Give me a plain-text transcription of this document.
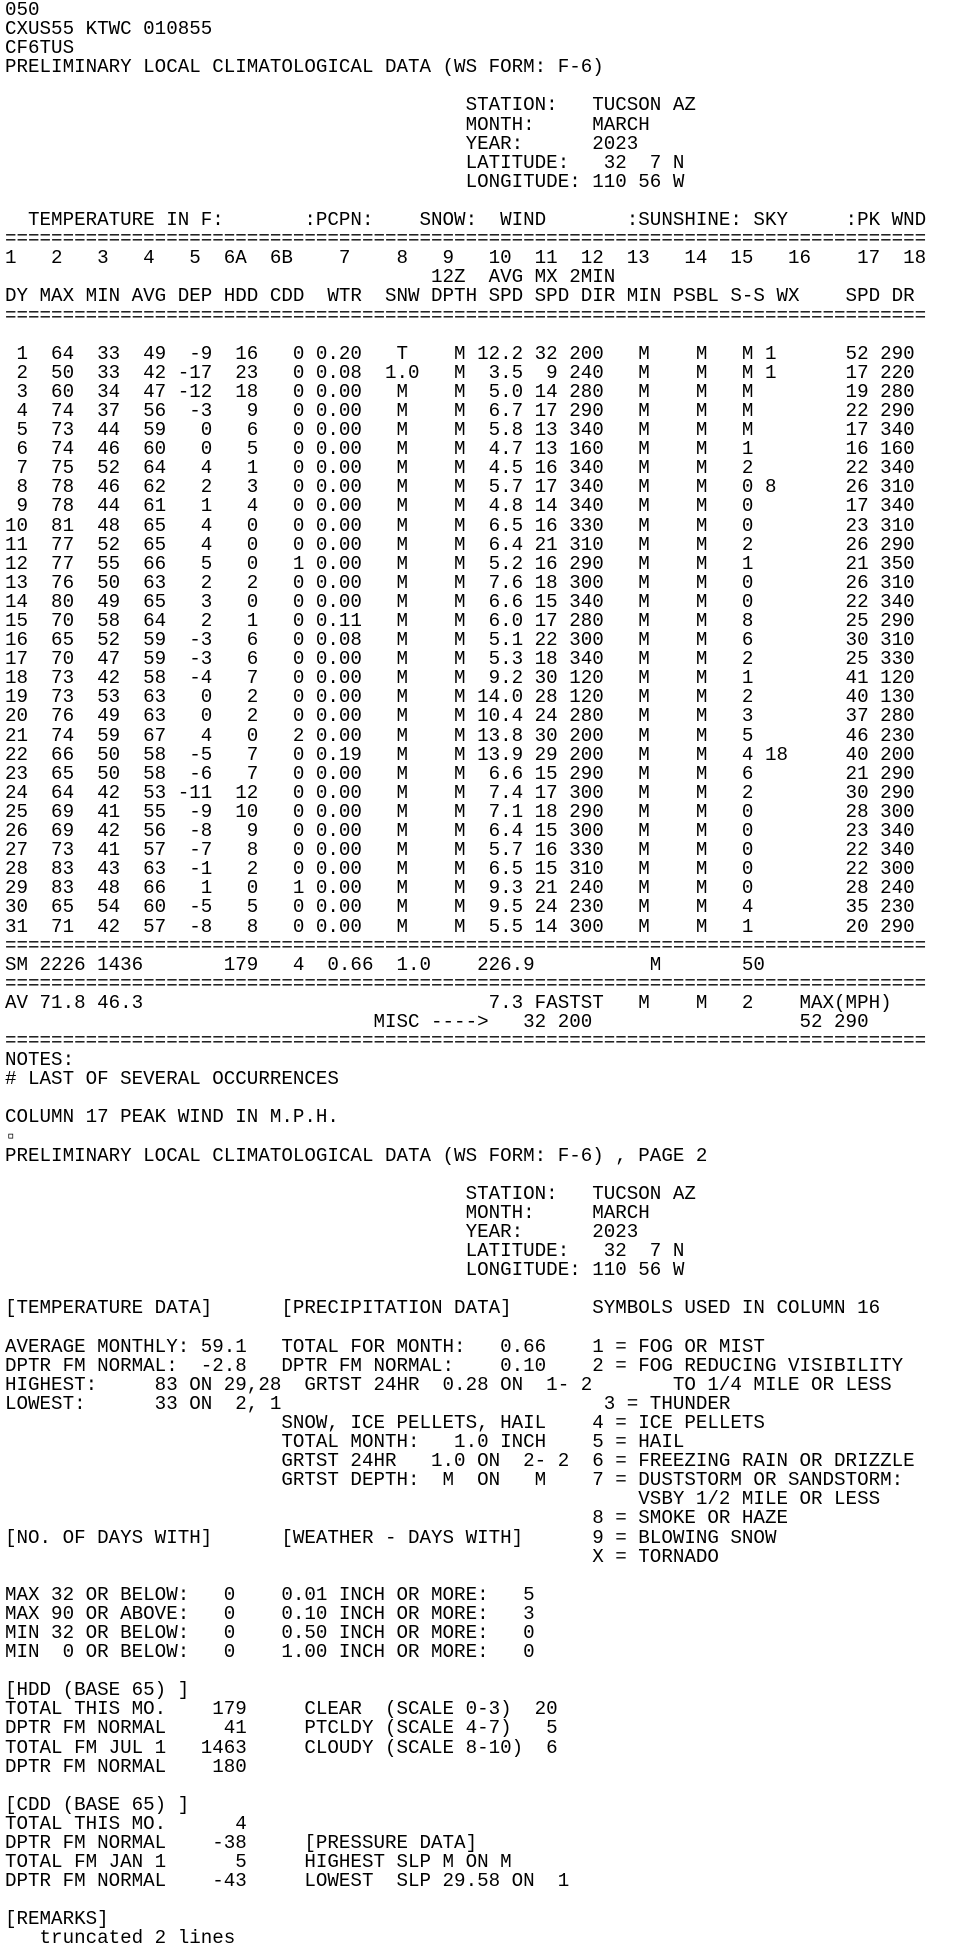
050
CXUS55 KTWC 010855
CF6TUS
PRELIMINARY LOCAL CLIMATOLOGICAL DATA (WS FORM: F-6)
STATION:   TUCSON AZ
MONTH:     MARCH
YEAR:      2023
LATITUDE:   32  7 N
LONGITUDE: 110 56 W
TEMPERATURE IN F:       :PCPN:    SNOW:  WIND       :SUNSHINE: SKY     :PK WND
================================================================================
1   2   3   4   5  6A  6B    7    8   9   10  11  12  13   14  15   16    17  18
12Z  AVG MX 2MIN
DY MAX MIN AVG DEP HDD CDD  WTR  SNW DPTH SPD SPD DIR MIN PSBL S-S WX    SPD DR
================================================================================
1  64  33  49  -9  16   0 0.20   T    M 12.2 32 200   M    M   M 1      52 290
2  50  33  42 -17  23   0 0.08  1.0   M  3.5  9 240   M    M   M 1      17 220
3  60  34  47 -12  18   0 0.00   M    M  5.0 14 280   M    M   M        19 280
4  74  37  56  -3   9   0 0.00   M    M  6.7 17 290   M    M   M        22 290
5  73  44  59   0   6   0 0.00   M    M  5.8 13 340   M    M   M        17 340
6  74  46  60   0   5   0 0.00   M    M  4.7 13 160   M    M   1        16 160
7  75  52  64   4   1   0 0.00   M    M  4.5 16 340   M    M   2        22 340
8  78  46  62   2   3   0 0.00   M    M  5.7 17 340   M    M   0 8      26 310
9  78  44  61   1   4   0 0.00   M    M  4.8 14 340   M    M   0        17 340
10  81  48  65   4   0   0 0.00   M    M  6.5 16 330   M    M   0        23 310
11  77  52  65   4   0   0 0.00   M    M  6.4 21 310   M    M   2        26 290
12  77  55  66   5   0   1 0.00   M    M  5.2 16 290   M    M   1        21 350
13  76  50  63   2   2   0 0.00   M    M  7.6 18 300   M    M   0        26 310
14  80  49  65   3   0   0 0.00   M    M  6.6 15 340   M    M   0        22 340
15  70  58  64   2   1   0 0.11   M    M  6.0 17 280   M    M   8        25 290
16  65  52  59  -3   6   0 0.08   M    M  5.1 22 300   M    M   6        30 310
17  70  47  59  -3   6   0 0.00   M    M  5.3 18 340   M    M   2        25 330
18  73  42  58  -4   7   0 0.00   M    M  9.2 30 120   M    M   1        41 120
19  73  53  63   0   2   0 0.00   M    M 14.0 28 120   M    M   2        40 130
20  76  49  63   0   2   0 0.00   M    M 10.4 24 280   M    M   3        37 280
21  74  59  67   4   0   2 0.00   M    M 13.8 30 200   M    M   5        46 230
22  66  50  58  -5   7   0 0.19   M    M 13.9 29 200   M    M   4 18     40 200
23  65  50  58  -6   7   0 0.00   M    M  6.6 15 290   M    M   6        21 290
24  64  42  53 -11  12   0 0.00   M    M  7.4 17 300   M    M   2        30 290
25  69  41  55  -9  10   0 0.00   M    M  7.1 18 290   M    M   0        28 300
26  69  42  56  -8   9   0 0.00   M    M  6.4 15 300   M    M   0        23 340
27  73  41  57  -7   8   0 0.00   M    M  5.7 16 330   M    M   0        22 340
28  83  43  63  -1   2   0 0.00   M    M  6.5 15 310   M    M   0        22 300
29  83  48  66   1   0   1 0.00   M    M  9.3 21 240   M    M   0        28 240
30  65  54  60  -5   5   0 0.00   M    M  9.5 24 230   M    M   4        35 230
31  71  42  57  -8   8   0 0.00   M    M  5.5 14 300   M    M   1        20 290
================================================================================
SM 2226 1436       179   4  0.66  1.0    226.9          M       50
================================================================================
AV 71.8 46.3                              7.3 FASTST   M    M   2    MAX(MPH)
MISC ---->   32 200                  52 290
================================================================================
NOTES:
# LAST OF SEVERAL OCCURRENCES
COLUMN 17 PEAK WIND IN M.P.H.
▫
PRELIMINARY LOCAL CLIMATOLOGICAL DATA (WS FORM: F-6) , PAGE 2
STATION:   TUCSON AZ
MONTH:     MARCH
YEAR:      2023
LATITUDE:   32  7 N
LONGITUDE: 110 56 W
[TEMPERATURE DATA]      [PRECIPITATION DATA]       SYMBOLS USED IN COLUMN 16
AVERAGE MONTHLY: 59.1   TOTAL FOR MONTH:   0.66    1 = FOG OR MIST
DPTR FM NORMAL:  -2.8   DPTR FM NORMAL:    0.10    2 = FOG REDUCING VISIBILITY
HIGHEST:     83 ON 29,28  GRTST 24HR  0.28 ON  1- 2       TO 1/4 MILE OR LESS
LOWEST:      33 ON  2, 1                            3 = THUNDER
SNOW, ICE PELLETS, HAIL    4 = ICE PELLETS
TOTAL MONTH:   1.0 INCH    5 = HAIL
GRTST 24HR   1.0 ON  2- 2  6 = FREEZING RAIN OR DRIZZLE
GRTST DEPTH:  M  ON   M    7 = DUSTSTORM OR SANDSTORM:
VSBY 1/2 MILE OR LESS
8 = SMOKE OR HAZE
[NO. OF DAYS WITH]      [WEATHER - DAYS WITH]      9 = BLOWING SNOW
X = TORNADO
MAX 32 OR BELOW:   0    0.01 INCH OR MORE:   5
MAX 90 OR ABOVE:   0    0.10 INCH OR MORE:   3
MIN 32 OR BELOW:   0    0.50 INCH OR MORE:   0
MIN  0 OR BELOW:   0    1.00 INCH OR MORE:   0
[HDD (BASE 65) ]
TOTAL THIS MO.    179     CLEAR  (SCALE 0-3)  20
DPTR FM NORMAL     41     PTCLDY (SCALE 4-7)   5
TOTAL FM JUL 1   1463     CLOUDY (SCALE 8-10)  6
DPTR FM NORMAL    180
[CDD (BASE 65) ]
TOTAL THIS MO.      4
DPTR FM NORMAL    -38     [PRESSURE DATA]
TOTAL FM JAN 1      5     HIGHEST SLP M ON M
DPTR FM NORMAL    -43     LOWEST  SLP 29.58 ON  1
[REMARKS]
truncated 2 lines
